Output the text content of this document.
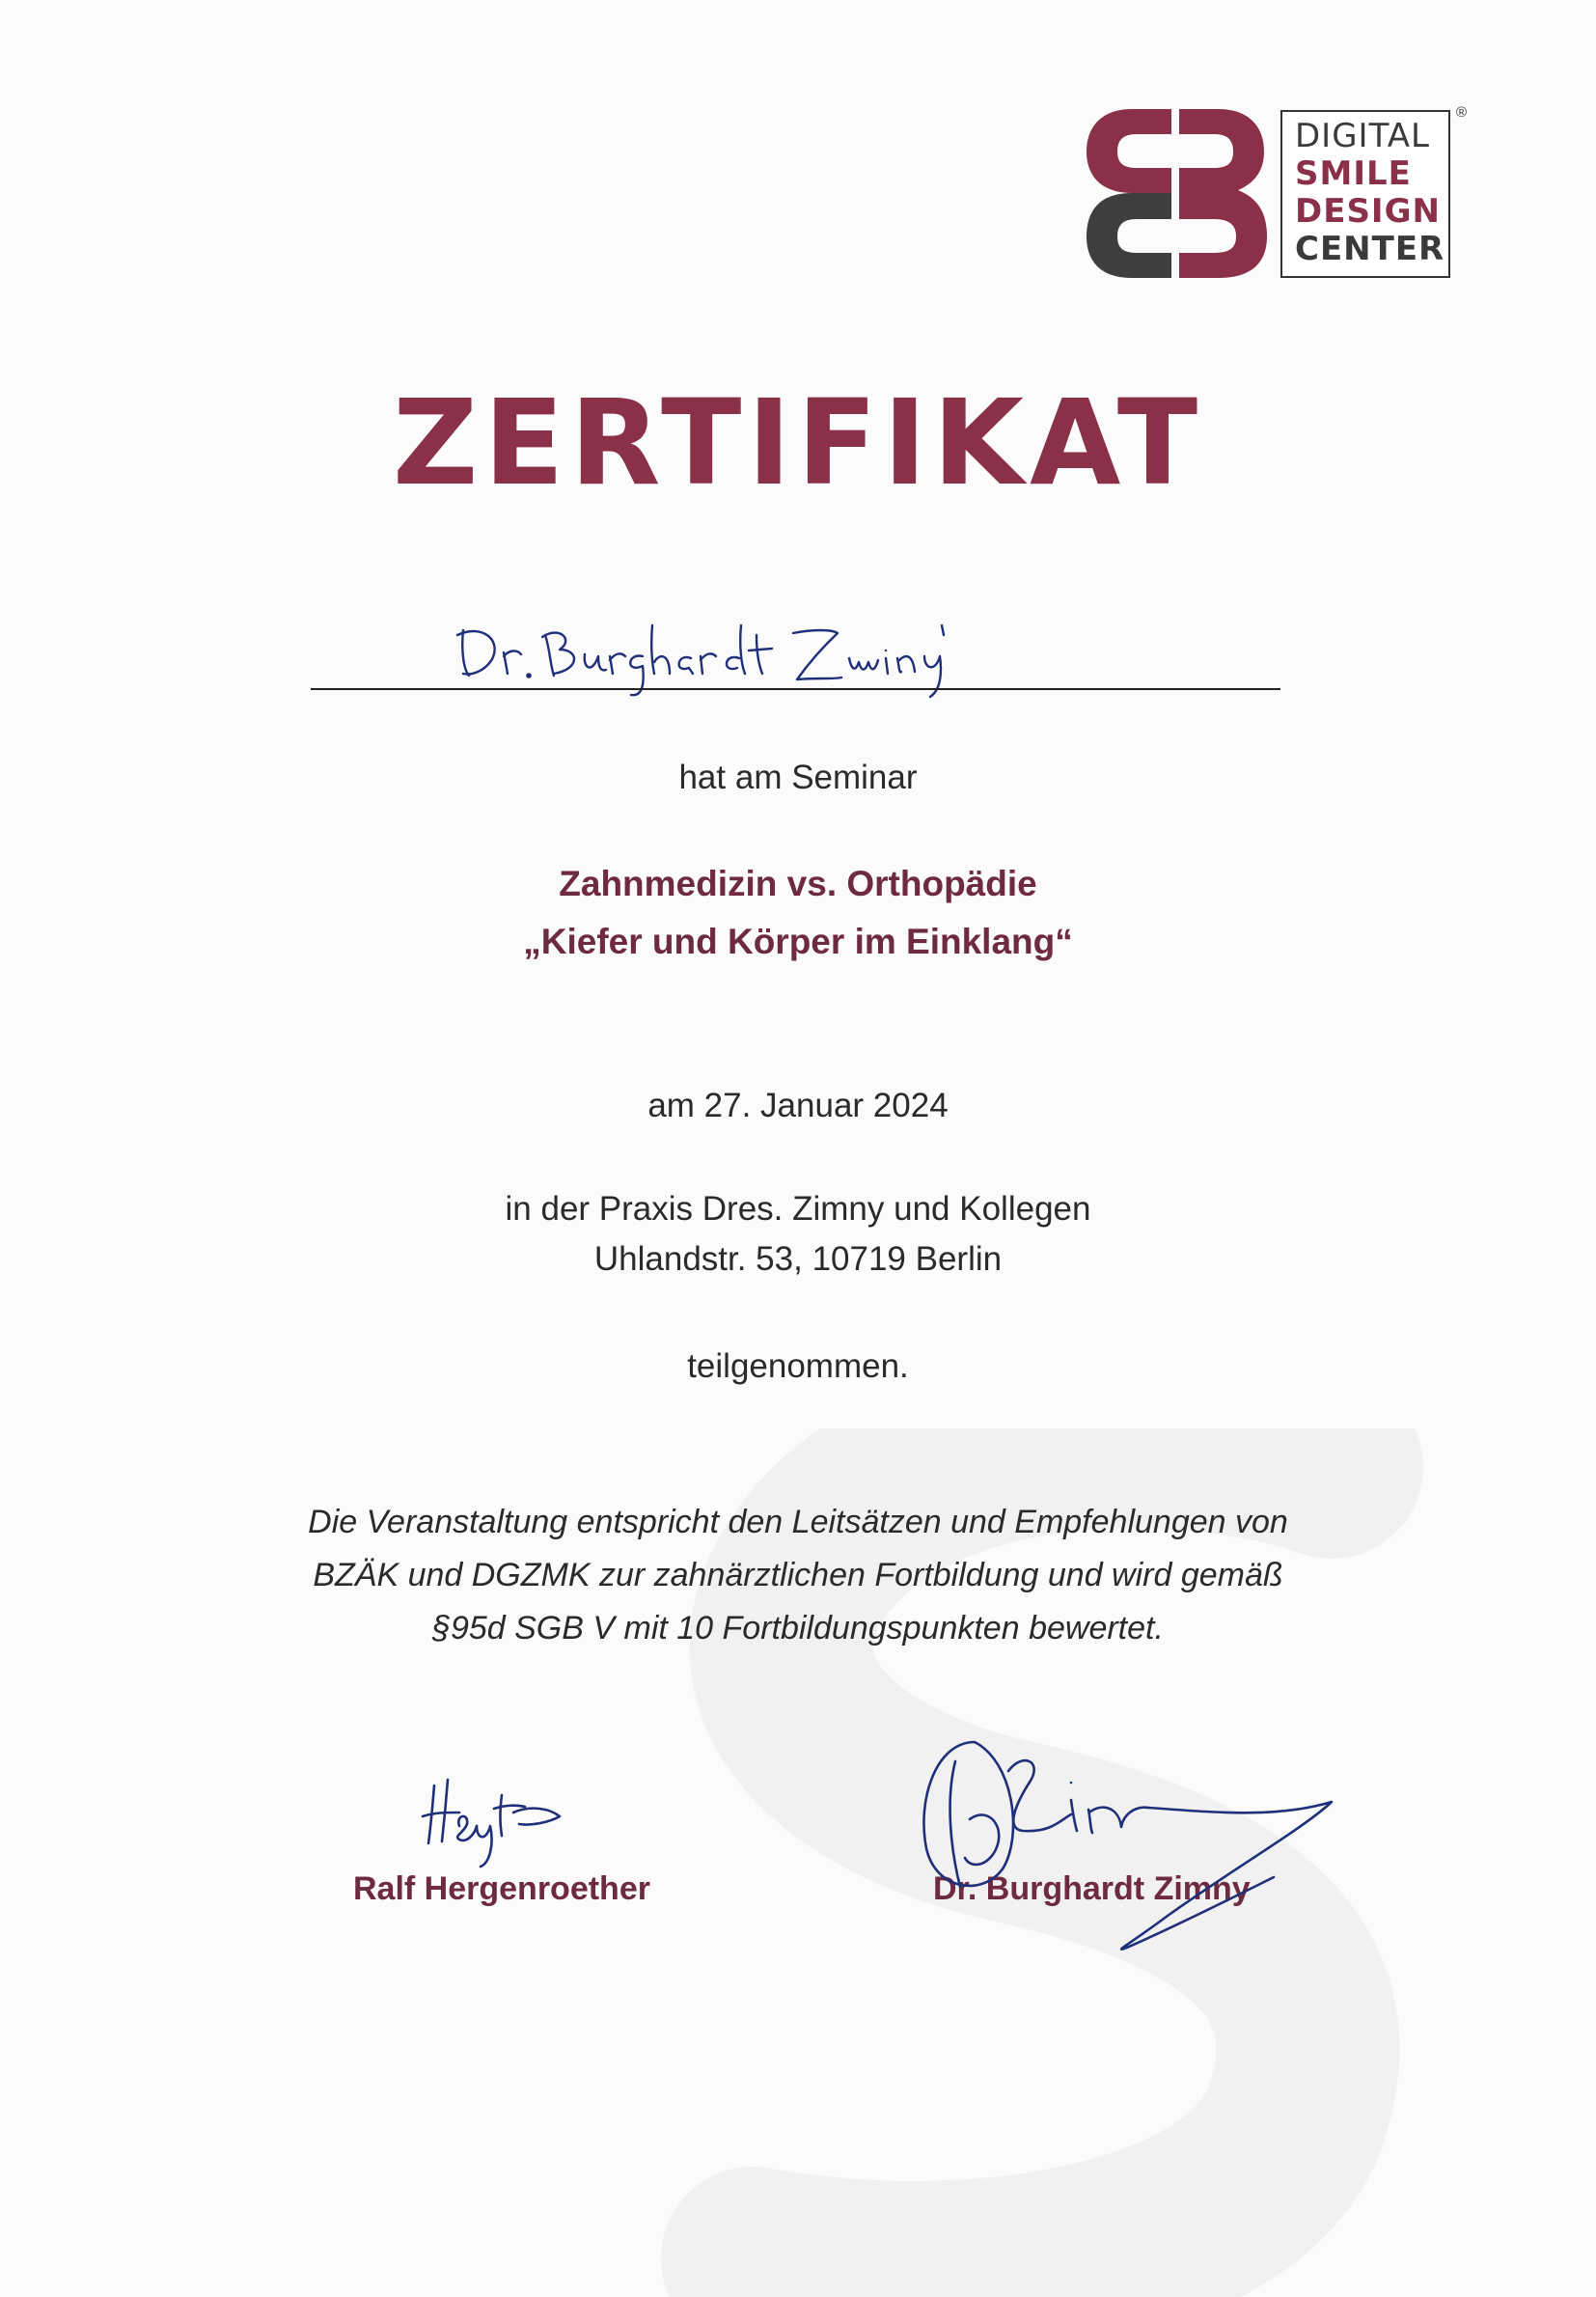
DIGITAL
SMILE
DESIGN
CENTER
®
ZERTIFIKAT
hat am Seminar
Zahnmedizin vs. Orthopädie
„Kiefer und Körper im Einklang“
am 27. Januar 2024
in der Praxis Dres. Zimny und Kollegen
Uhlandstr. 53, 10719 Berlin
teilgenommen.
Die Veranstaltung entspricht den Leitsätzen und Empfehlungen von
BZÄK und DGZMK zur zahnärztlichen Fortbildung und wird gemäß
§95d SGB V mit 10 Fortbildungspunkten bewertet.
Ralf Hergenroether	Dr. Burghardt Zimny
